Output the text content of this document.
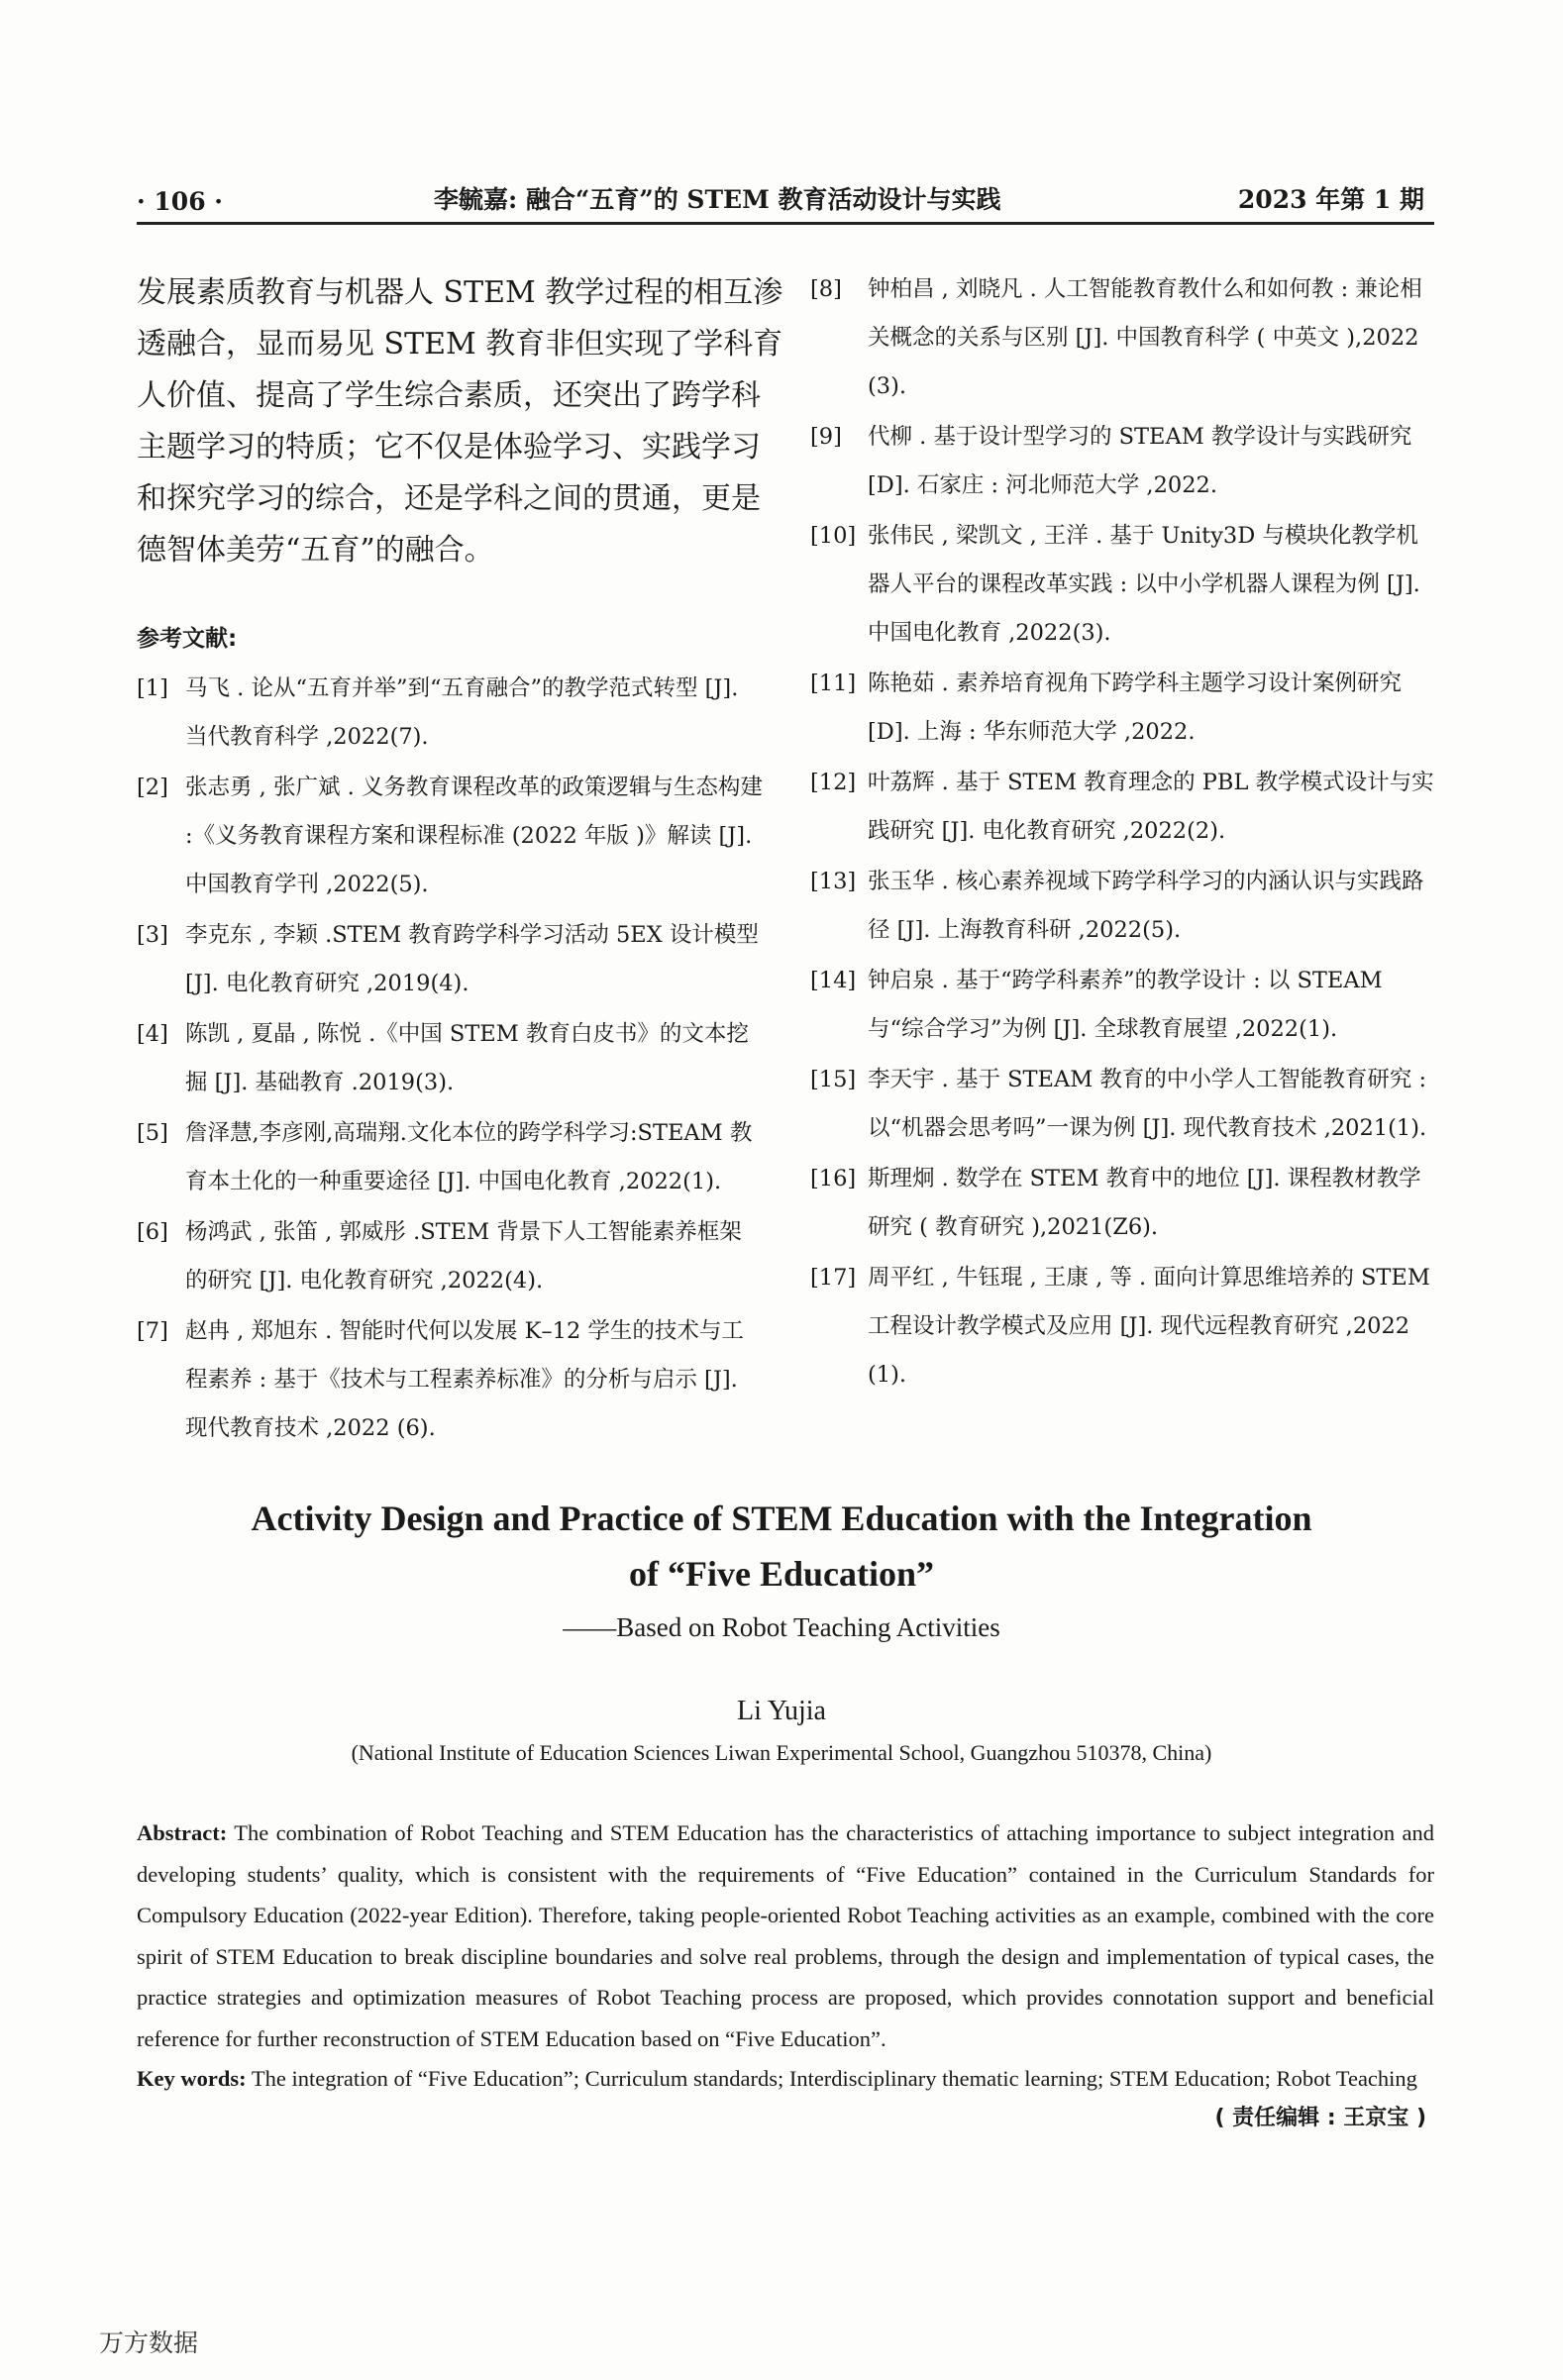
· 106 ·	李毓嘉: 融合“五育”的 STEM 教育活动设计与实践	2023 年第 1 期

发展素质教育与机器人 STEM 教学过程的相互渗
透融合，显而易见 STEM 教育非但实现了学科育
人价值、提高了学生综合素质，还突出了跨学科
主题学习的特质；它不仅是体验学习、实践学习
和探究学习的综合，还是学科之间的贯通，更是
德智体美劳“五育”的融合。

参考文献:
[1] 马飞 . 论从“五育并举”到“五育融合”的教学范式转型 [J]. 当代教育科学 ,2022(7).
[2] 张志勇 , 张广斌 . 义务教育课程改革的政策逻辑与生态构建 :《义务教育课程方案和课程标准 (2022 年版 )》解读 [J]. 中国教育学刊 ,2022(5).
[3] 李克东 , 李颖 .STEM 教育跨学科学习活动 5EX 设计模型 [J]. 电化教育研究 ,2019(4).
[4] 陈凯 , 夏晶 , 陈悦 .《中国 STEM 教育白皮书》的文本挖掘 [J]. 基础教育 .2019(3).
[5] 詹泽慧,李彦刚,高瑞翔.文化本位的跨学科学习:STEAM 教育本土化的一种重要途径 [J]. 中国电化教育 ,2022(1).
[6] 杨鸿武 , 张笛 , 郭威彤 .STEM 背景下人工智能素养框架的研究 [J]. 电化教育研究 ,2022(4).
[7] 赵冉 , 郑旭东 . 智能时代何以发展 K–12 学生的技术与工程素养 : 基于《技术与工程素养标准》的分析与启示 [J]. 现代教育技术 ,2022 (6).
[8] 钟柏昌 , 刘晓凡 . 人工智能教育教什么和如何教 : 兼论相关概念的关系与区别 [J]. 中国教育科学 ( 中英文 ),2022(3).
[9] 代柳 . 基于设计型学习的 STEAM 教学设计与实践研究 [D]. 石家庄 : 河北师范大学 ,2022.
[10] 张伟民 , 梁凯文 , 王洋 . 基于 Unity3D 与模块化教学机器人平台的课程改革实践 : 以中小学机器人课程为例 [J]. 中国电化教育 ,2022(3).
[11] 陈艳茹 . 素养培育视角下跨学科主题学习设计案例研究 [D]. 上海 : 华东师范大学 ,2022.
[12] 叶荔辉 . 基于 STEM 教育理念的 PBL 教学模式设计与实践研究 [J]. 电化教育研究 ,2022(2).
[13] 张玉华 . 核心素养视域下跨学科学习的内涵认识与实践路径 [J]. 上海教育科研 ,2022(5).
[14] 钟启泉 . 基于“跨学科素养”的教学设计 : 以 STEAM 与“综合学习”为例 [J]. 全球教育展望 ,2022(1).
[15] 李天宇 . 基于 STEAM 教育的中小学人工智能教育研究 : 以“机器会思考吗”一课为例 [J]. 现代教育技术 ,2021(1).
[16] 斯理炯 . 数学在 STEM 教育中的地位 [J]. 课程教材教学研究 ( 教育研究 ),2021(Z6).
[17] 周平红 , 牛钰琨 , 王康 , 等 . 面向计算思维培养的 STEM 工程设计教学模式及应用 [J]. 现代远程教育研究 ,2022(1).
Activity Design and Practice of STEM Education with the Integration
of “Five Education”
——Based on Robot Teaching Activities
Li Yujia
(National Institute of Education Sciences Liwan Experimental School, Guangzhou 510378, China)

Abstract: The combination of Robot Teaching and STEM Education has the characteristics of attaching importance to subject integration and developing students’ quality, which is consistent with the requirements of “Five Education” contained in the Curriculum Standards for Compulsory Education (2022-year Edition). Therefore, taking people-oriented Robot Teaching activities as an example, combined with the core spirit of STEM Education to break discipline boundaries and solve real problems, through the design and implementation of typical cases, the practice strategies and optimization measures of Robot Teaching process are proposed, which provides connotation support and beneficial reference for further reconstruction of STEM Education based on “Five Education”.

Key words: The integration of “Five Education”; Curriculum standards; Interdisciplinary thematic learning; STEM Education; Robot Teaching

( 责任编辑 : 王京宝 )
万方数据
